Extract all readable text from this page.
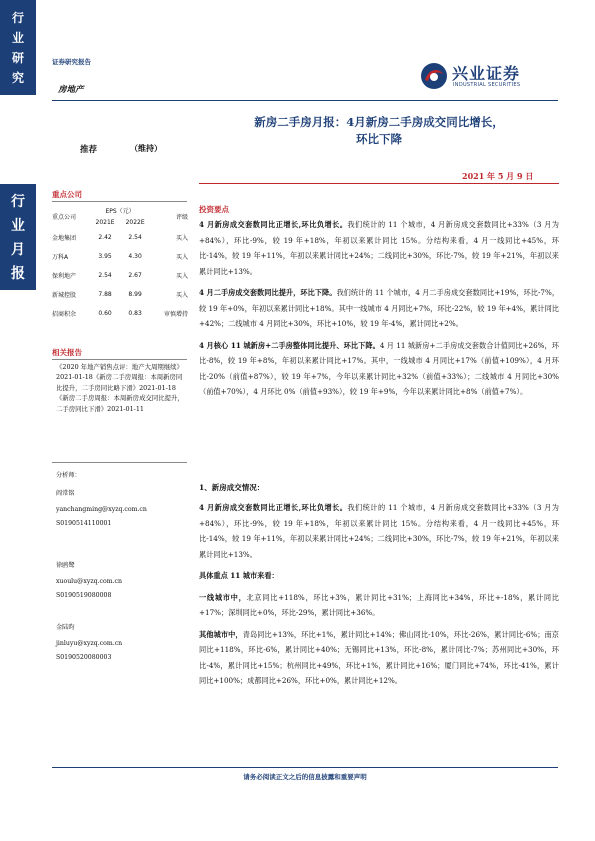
行
业
研
究
行
业
月
报
证券研究报告
房地产
兴业证券
INDUSTRIAL SECURITIES
新房二手房月报：4月新房二手房成交同比增长，
环比下降
推荐	（维持）
2021 年 5 月 9 日
重点公司
重点公司	EPS（元）		评级
	2021E	2022E	
金地集团	2.42	2.54	买入
万科A	3.95	4.30	买入
保利地产	2.54	2.67	买入
新城控股	7.88	8.99	买入
招商积余	0.60	0.83	审慎增持
相关报告
《2020 年地产销售点评：地产大周期继续》2021-01-18《新房二手房周报：本周新房同比提升，二手房同比略下滑》2021-01-18《新房二手房周报：本周新房成交同比提升，二手房同比下滑》2021-01-11
分析师：
阎常铭
yanchangming@xyzq.com.cn
S0190514110001
徐鸥鹭
xuoulu@xyzq.com.cn
S0190519080008
金陆昀
jinluyu@xyzq.com.cn
S0190520080003
投资要点

4 月新房成交套数同比正增长,环比负增长。我们统计的 11 个城市，4 月新房成交套数同比+33%（3 月为+84%），环比-9%，较 19 年+18%，年初以来累计同比 15%。分结构来看，4 月一线同比+45%，环比-14%，较 19 年+11%，年初以来累计同比+24%；二线同比+30%，环比-7%，较 19 年+21%，年初以来累计同比+13%。

4 月二手房成交套数同比提升，环比下降。我们统计的 11 个城市，4 月二手房成交套数同比+19%，环比-7%，较 19 年+0%，年初以来累计同比+18%。其中一线城市 4 月同比+7%，环比-22%，较 19 年+4%，累计同比+42%；二线城市 4 月同比+30%，环比+10%，较 19 年-4%，累计同比+2%。

4 月核心 11 城新房+二手房整体同比提升、环比下降。4 月 11 城新房+二手房成交套数合计值同比+26%，环比-8%，较 19 年+8%，年初以来累计同比+17%。其中，一线城市 4 月同比+17%（前值+109%），4 月环比-20%（前值+87%），较 19 年+7%，今年以来累计同比+32%（前值+33%）；二线城市 4 月同比+30%（前值+70%），4 月环比 0%（前值+93%），较 19 年+9%，今年以来累计同比+8%（前值+7%）。

1、新房成交情况：

4 月新房成交套数同比正增长,环比负增长。我们统计的 11 个城市，4 月新房成交套数同比+33%（3 月为+84%），环比-9%，较 19 年+18%，年初以来累计同比 15%。分结构来看，4 月一线同比+45%，环比-14%，较 19 年+11%，年初以来累计同比+24%；二线同比+30%，环比-7%，较 19 年+21%，年初以来累计同比+13%。

具体重点 11 城市来看：

一线城市中，北京同比+118%，环比+3%，累计同比+31%；上海同比+34%，环比+-18%，累计同比+17%；深圳同比+0%，环比-29%，累计同比+36%。

其他城市中，青岛同比+13%，环比+1%，累计同比+14%；佛山同比-10%，环比-26%，累计同比-6%；南京同比+118%，环比-6%，累计同比+40%；无锡同比+13%，环比-8%，累计同比-7%；苏州同比+30%，环比-4%，累计同比+15%；杭州同比+49%，环比+1%，累计同比+16%；厦门同比+74%，环比-41%，累计同比+100%；成都同比+26%，环比+0%，累计同比+12%。

请务必阅读正文之后的信息披露和重要声明
